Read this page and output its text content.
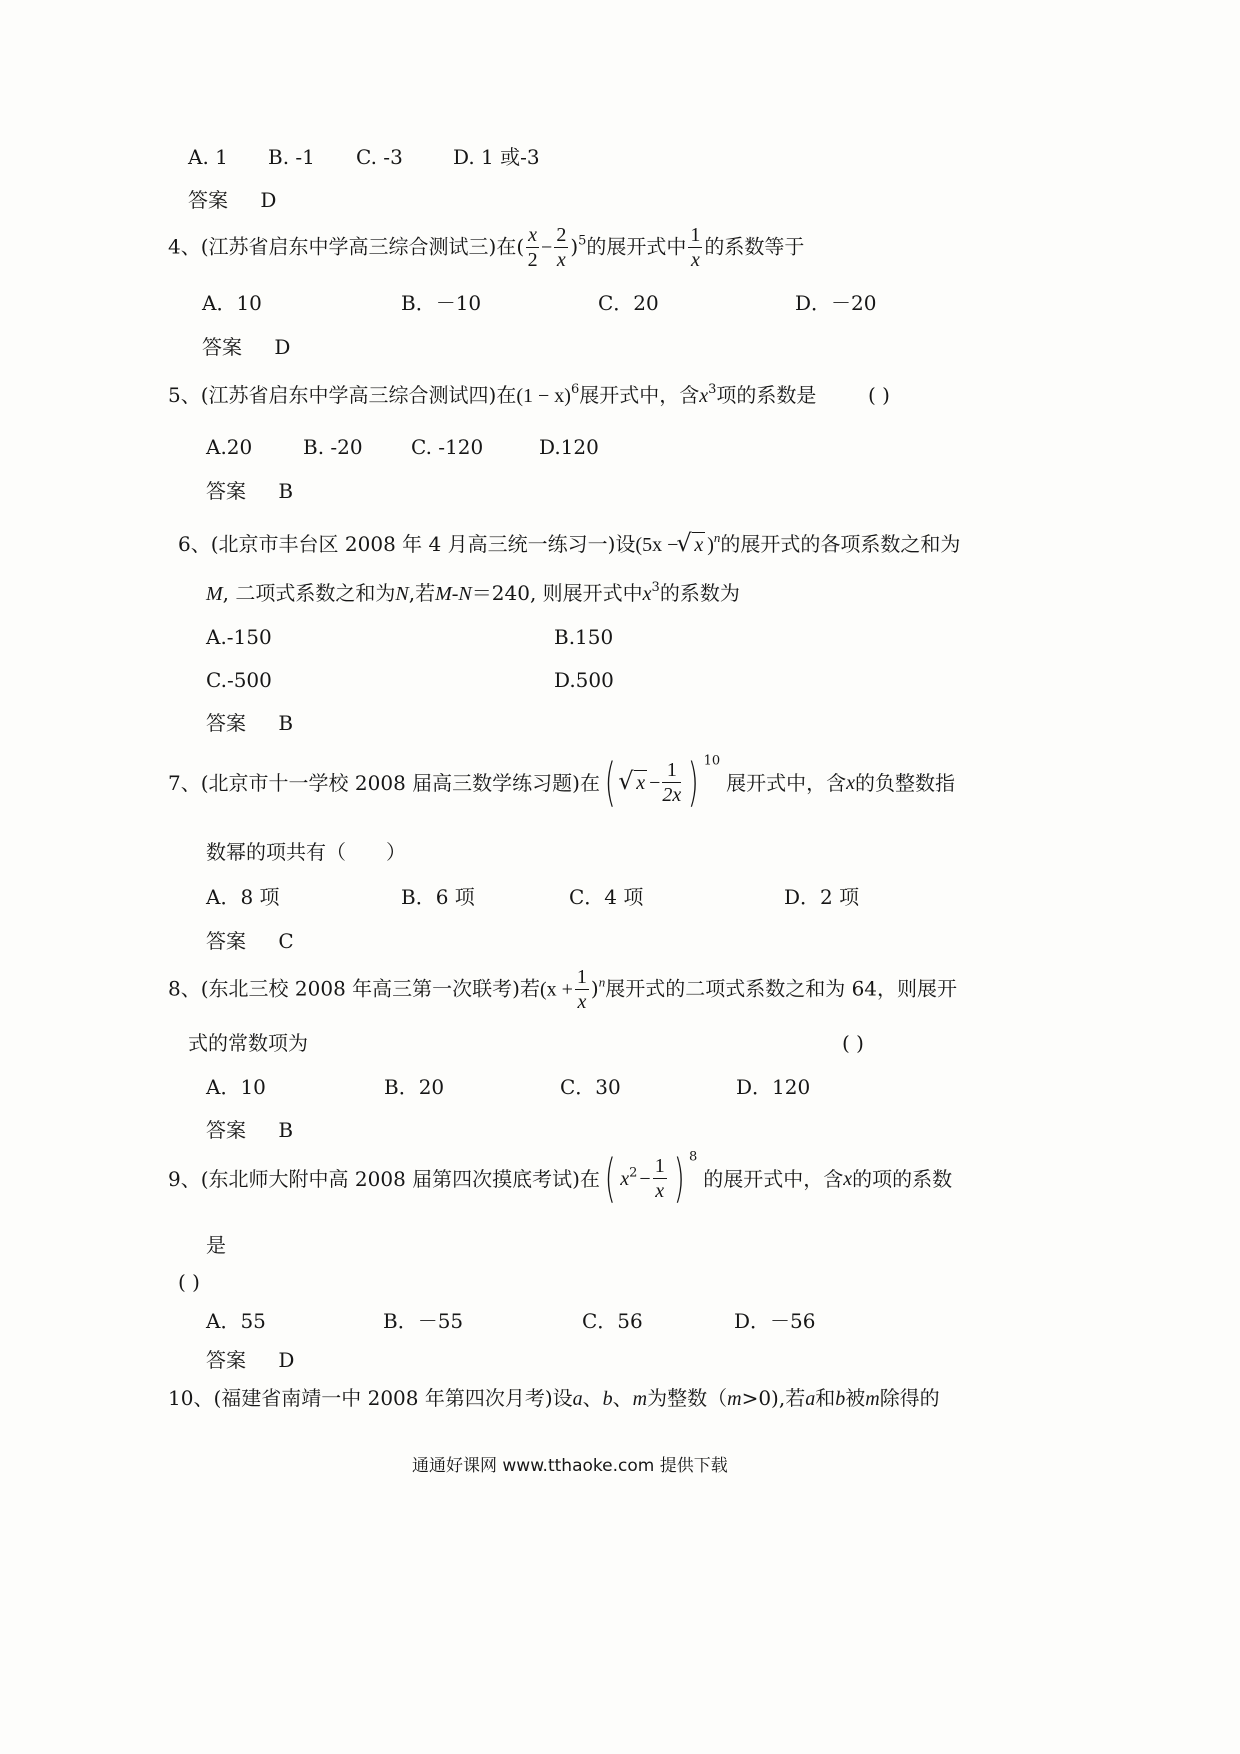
A. 1 B. -1 C. -3	D. 1 或-3
答案 D
4、(江苏省启东中学高三综合测试三)在( $\frac{x}{2} - \frac{2}{x} )^5$的展开式中 $\frac{1}{x}$ 的系数等于
A．10	B．－10	C．20	D．－20
答案 D
5、(江苏省启东中学高三综合测试四)在$(1 - x)^6$展开式中，含$x^3$项的系数是	( )
A.20	B. -20 C. -120	D.120
答案 B
6、(北京市丰台区 2008 年 4 月高三统一练习一)设(5x − √ x )$^n$的展开式的各项系数之和为
M, 二项式系数之和为N,若M-N＝240, 则展开式中$x^3$的系数为
A.-150	B.150
C.-500	D.500
答案 B
7、(北京市十一学校 2008 届高三数学练习题)在( √ $x - \frac{1}{2x}$ ) $^{10}$展开式中，含x的负整数指
数幂的项共有（　　）
A．8 项	B．6 项	C．4 项	D．2 项
答案 C
8、(东北三校 2008 年高三第一次联考)若$(x + \frac{1}{x} )^n$展开式的二项式系数之和为 64，则展开
式的常数项为	( )
A．10	B．20	C．30	D．120
答案 B
9、(东北师大附中高 2008 届第四次摸底考试)在( $x^2 - \frac{1}{x}$ ) $^8$的展开式中，含x的项的系数
是
( )
A．55	B．－55	C．56	D．－56
答案 D
10、(福建省南靖一中 2008 年第四次月考)设a、b、m为整数（m>0),若a和b被m除得的
通通好课网 www.tthaoke.com 提供下载
